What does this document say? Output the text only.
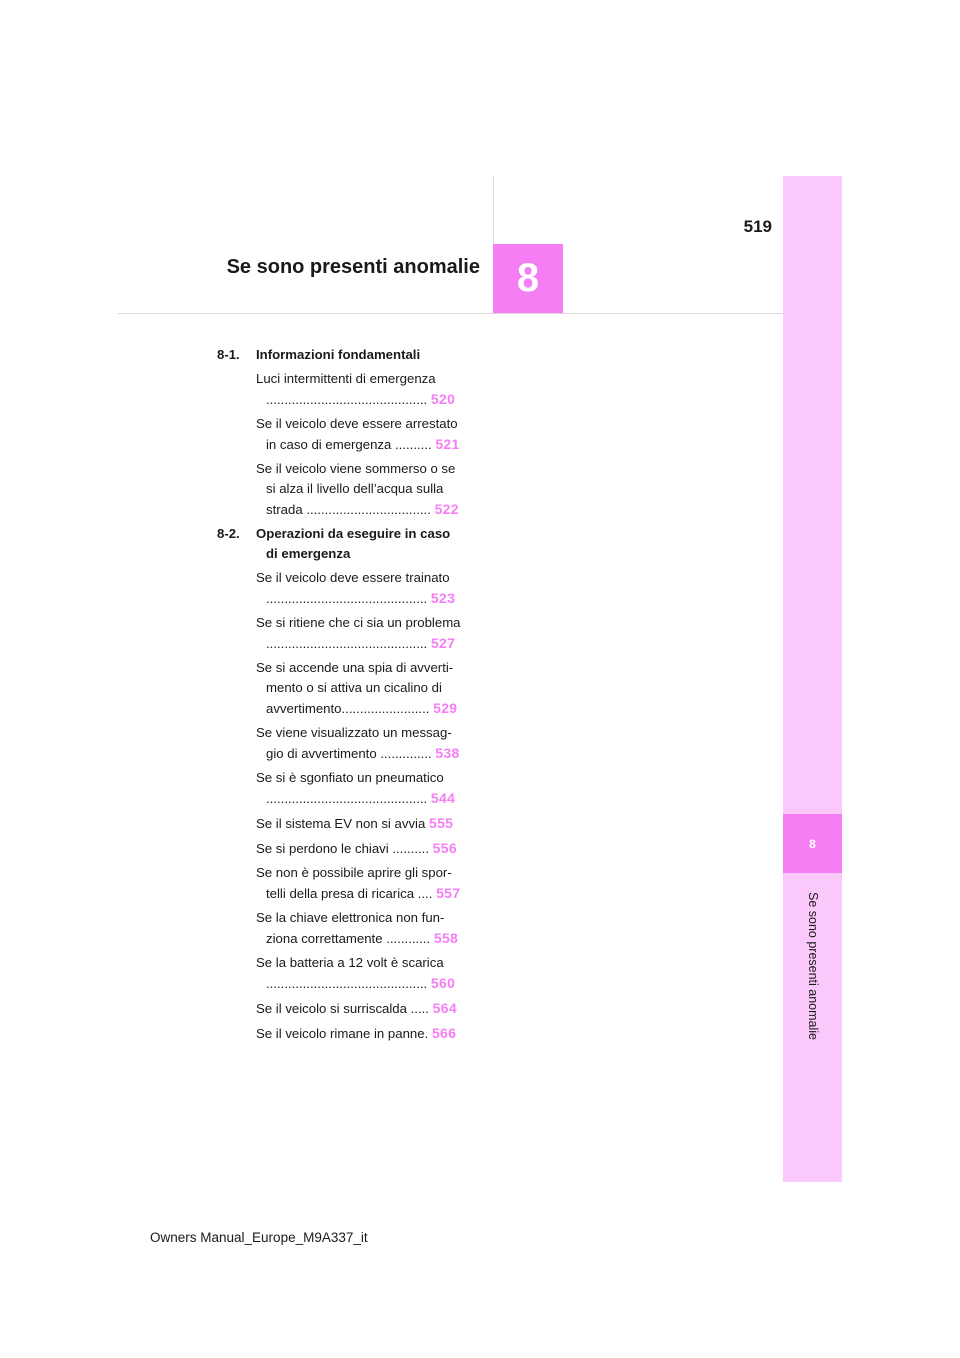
8
Se sono presenti anomalie
519
Se sono presenti anomalie 8
8-1.	Informazioni fondamentali
Luci intermittenti di emergenza
............................................ 520
Se il veicolo deve essere arrestato
in caso di emergenza .......... 521
Se il veicolo viene sommerso o se
si alza il livello dell’acqua sulla
strada .................................. 522
8-2.	Operazioni da eseguire in caso
di emergenza
Se il veicolo deve essere trainato
............................................ 523
Se si ritiene che ci sia un problema
............................................ 527
Se si accende una spia di avverti-
mento o si attiva un cicalino di
avvertimento........................ 529
Se viene visualizzato un messag-
gio di avvertimento .............. 538
Se si è sgonfiato un pneumatico
............................................ 544
Se il sistema EV non si avvia 555
Se si perdono le chiavi .......... 556
Se non è possibile aprire gli spor-
telli della presa di ricarica .... 557
Se la chiave elettronica non fun-
ziona correttamente ............ 558
Se la batteria a 12 volt è scarica
............................................ 560
Se il veicolo si surriscalda ..... 564
Se il veicolo rimane in panne. 566
Owners Manual_Europe_M9A337_it
